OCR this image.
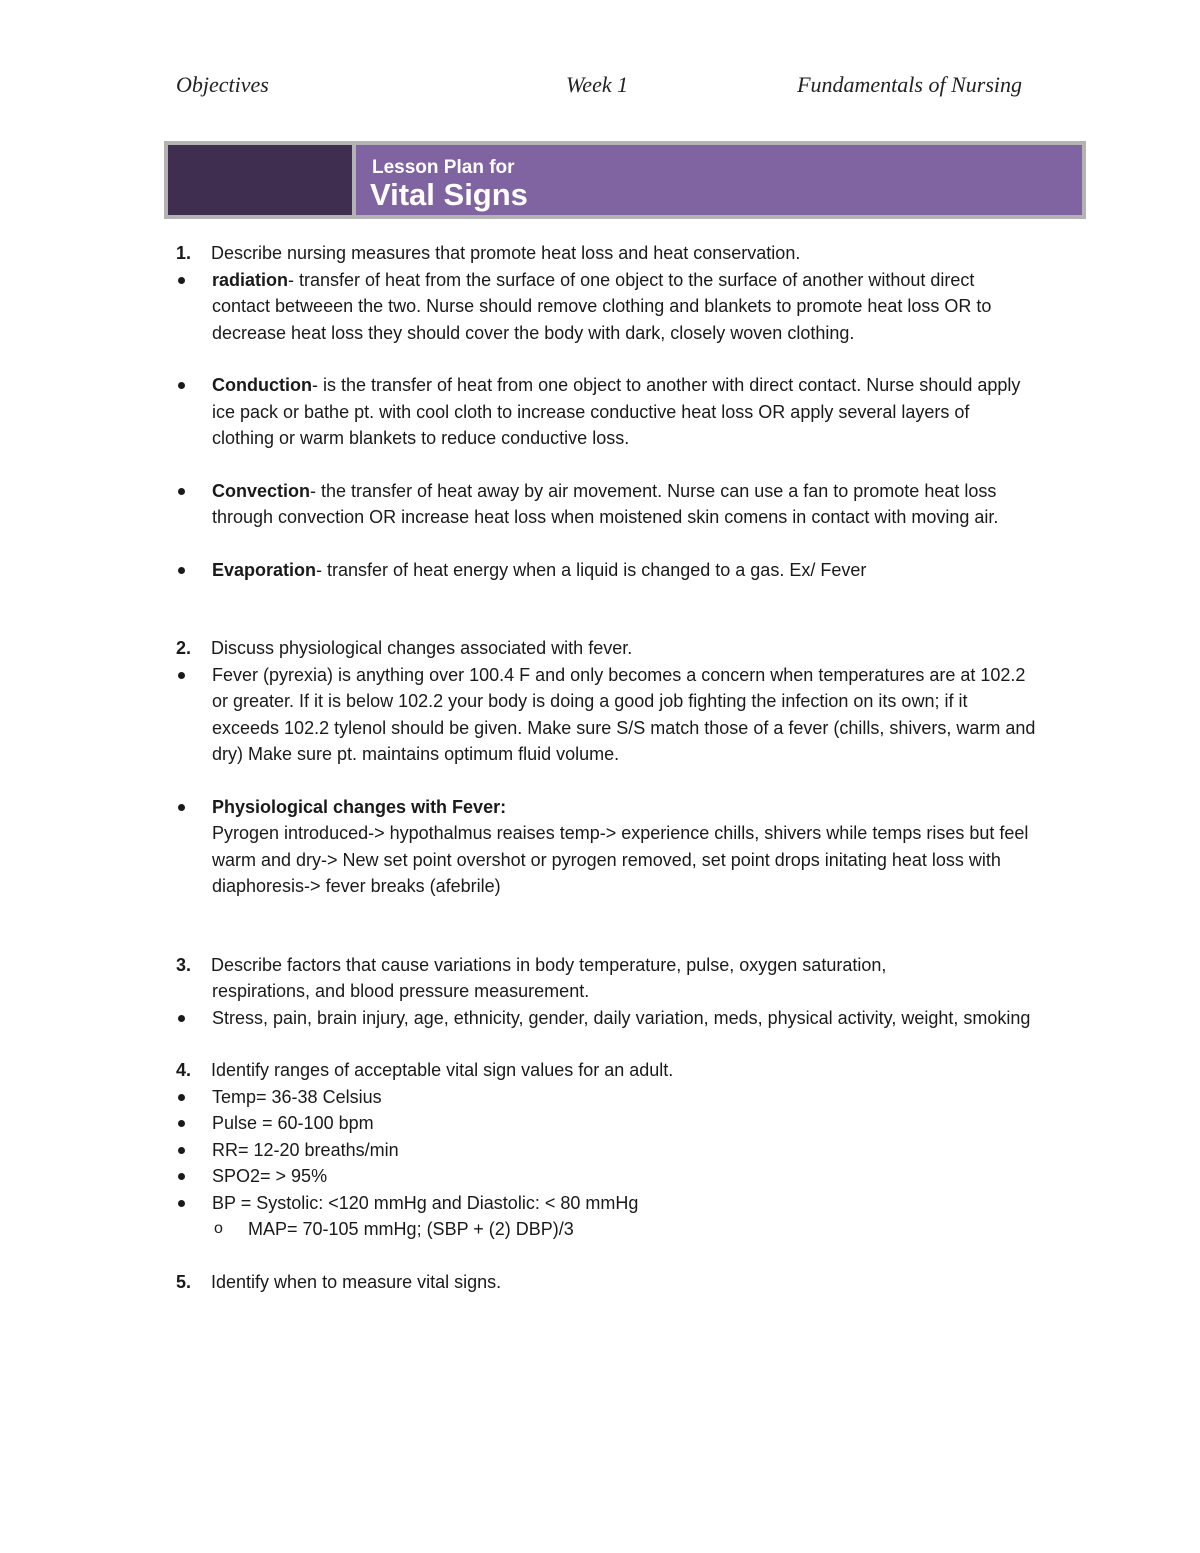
Objectives	Week 1	Fundamentals of Nursing
Lesson Plan for
Vital Signs
1. Describe nursing measures that promote heat loss and heat conservation.
radiation- transfer of heat from the surface of one object to the surface of another without direct contact betweeen the two. Nurse should remove clothing and blankets to promote heat loss OR to decrease heat loss they should cover the body with dark, closely woven clothing.
Conduction- is the transfer of heat from one object to another with direct contact. Nurse should apply ice pack or bathe pt. with cool cloth to increase conductive heat loss OR apply several layers of clothing or warm blankets to reduce conductive loss.
Convection- the transfer of heat away by air movement. Nurse can use a fan to promote heat loss through convection OR increase heat loss when moistened skin comens in contact with moving air.
Evaporation- transfer of heat energy when a liquid is changed to a gas. Ex/ Fever
2. Discuss physiological changes associated with fever.
Fever (pyrexia) is anything over 100.4 F and only becomes a concern when temperatures are at 102.2 or greater. If it is below 102.2 your body is doing a good job fighting the infection on its own; if it exceeds 102.2 tylenol should be given. Make sure S/S match those of a fever (chills, shivers, warm and dry) Make sure pt. maintains optimum fluid volume.
Physiological changes with Fever:
Pyrogen introduced-> hypothalmus reaises temp-> experience chills, shivers while temps rises but feel warm and dry-> New set point overshot or pyrogen removed, set point drops initating heat loss with diaphoresis-> fever breaks (afebrile)
3. Describe factors that cause variations in body temperature, pulse, oxygen saturation,
respirations, and blood pressure measurement.
Stress, pain, brain injury, age, ethnicity, gender, daily variation, meds, physical activity, weight, smoking
4. Identify ranges of acceptable vital sign values for an adult.
Temp= 36-38 Celsius
Pulse = 60-100 bpm
RR= 12-20 breaths/min
SPO2= > 95%
BP = Systolic: <120 mmHg and Diastolic: < 80 mmHg
o MAP= 70-105 mmHg; (SBP + (2) DBP)/3
5. Identify when to measure vital signs.
